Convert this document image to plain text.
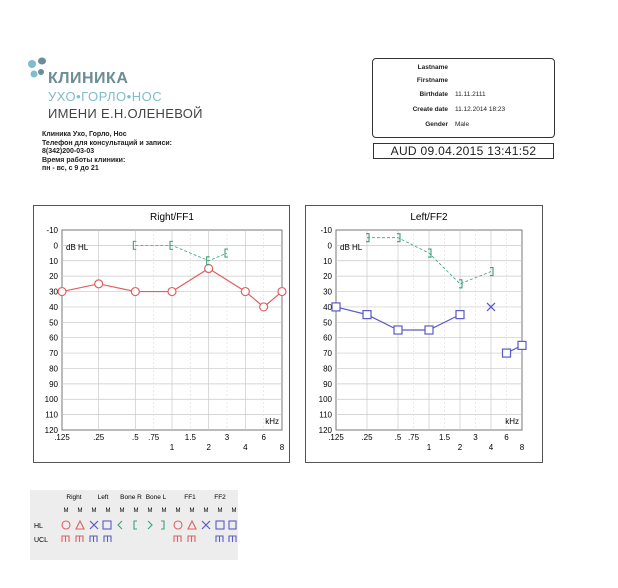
КЛИНИКА
УХО•ГОРЛО•НОС
ИМЕНИ Е.Н.ОЛЕНЕВОЙ
Клиника Ухо, Горло, Нос
Телефон для консультаций и записи:
8(342)200-03-03
Время работы клиники:
пн - вс, с 9 до 21
Lastname
Firstname
Birthdate 11.11.2111
Create date 11.12.2014 18:23
Gender Male
AUD 09.04.2015 13:41:52
Right/FF1
-10
0
10
20
30
40
50
60
70
80
90
100
110
120
.125	.25	.5 .75	1.5	3	6
1	2	4	8
dB HL
kHz
Left/FF2
-10
0
10
20
30
40
50
60
70
80
90
100
110
120
.125 .25	.5 .75 1.5	3	6
1	2	4	8
dB HL
kHz
Right Left Bone R Bone L	FF1	FF2
M M M M M M M M M M M M M
HL
UCL
